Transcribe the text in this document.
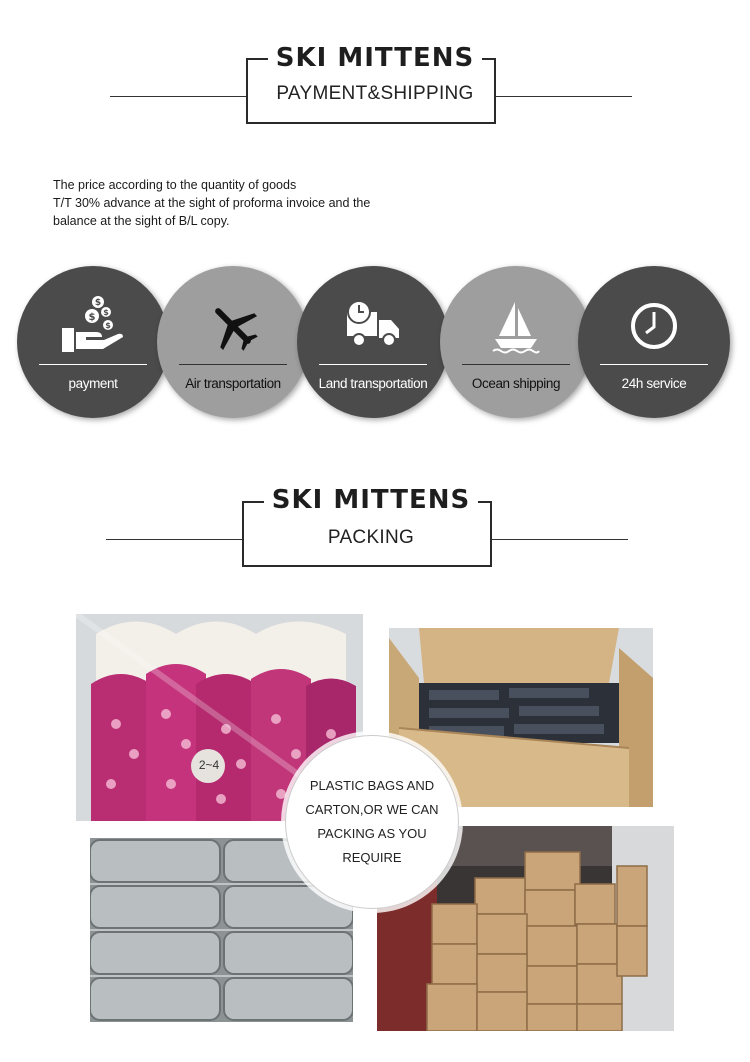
SKI MITTENS
PAYMENT&SHIPPING
The price according to the quantity of goods
T/T 30% advance at the sight of proforma invoice and the
balance at the sight of B/L copy.
$
$ $
$
payment	Air transportation	Land transportation	Ocean shipping	24h service
SKI MITTENS
PACKING
2~4
PLASTIC BAGS AND
CARTON,OR WE CAN
PACKING AS YOU
REQUIRE
